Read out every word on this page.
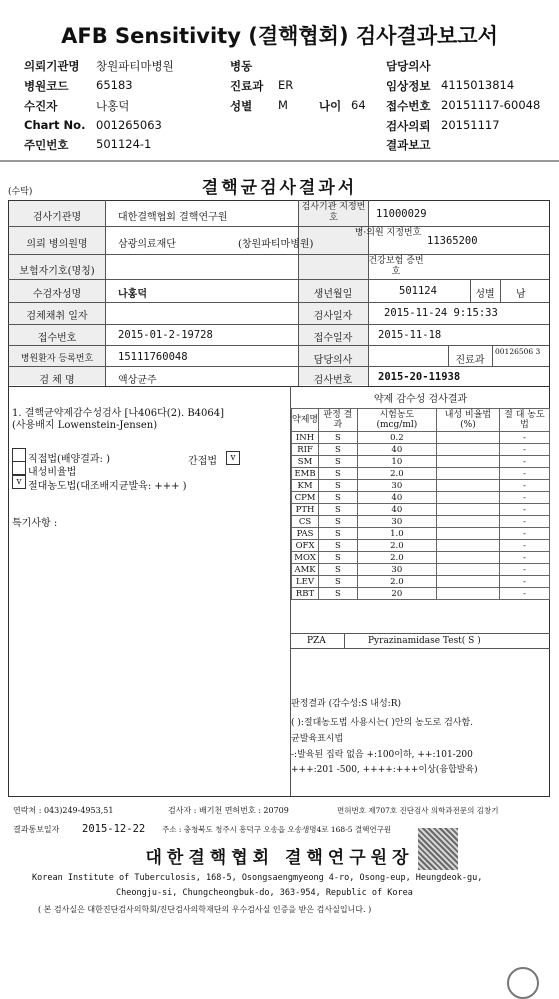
AFB Sensitivity (결핵협회) 검사결과보고서
의뢰기관명 창원파티마병원
병원코드 65183
수진자	나홍덕
Chart No. 001265063
주민번호 501124-1
병동
진료과 ER
성별 M	나이 64
담당의사
임상정보 4115013814
접수번호 20151117-60048
검사의뢰 20151117
결과보고
(수탁)	결핵균검사결과서
검사기관명	대한결핵협회 결핵연구원
검사기관 지정번호	11000029
의뢰 병의원명	삼광의료재단	(창원파티마병원)
병·의원 지정번호
11365200
보험자기호(명칭)
건강보험 증번호
수검자성명	나홍덕	생년월일	501124	성별	남
검체채취 일자	검사일자	2015-11-24 9:15:33
접수번호	2015-01-2-19728	접수일자	2015-11-18
병원환자 등록번호	15111760048	담당의사	진료과
00126506 3
검 체 명	액상균주	검사번호	2015-20-11938
1. 결핵균약제감수성검사 [나406다(2). B4064]
(사용배지 Lowenstein-Jensen)
직접법(배양결과: )	간접법	v
내성비율법
v 절대농도법(대조배지균발육: +++ )
특기사항 :
약제 감수성 검사결과
약제명	판정 결과	시험농도 (mcg/ml)	내성 비율법(%)	절 대 농도법
INH	S	0.2		-
RIF	S	40		-
SM	S	10		-
EMB	S	2.0		-
KM	S	30		-
CPM	S	40		-
PTH	S	40		-
CS	S	30		-
PAS	S	1.0		-
OFX	S	2.0		-
MOX	S	2.0		-
AMK	S	30		-
LEV	S	2.0		-
RBT	S	20		-
PZA	Pyrazinamidase Test( S )
판정결과 (감수성:S 내성:R)
( ):절대농도법 사용시는( )안의 농도로 검사함.
균발육표시법
-:발육된 집락 없음 +:100이하, ++:101-200
+++:201 -500, ++++:+++이상(융합발육)
연락처 : 043)249-4953,51	검사자 : 배기천 면허번호 : 20709	면허번호 제707호 진단검사 의학과전문의 김창기
결과통보일자 2015-12-22 주소 : 충청북도 청주시 흥덕구 오송읍 오송생명4로 168-5 결핵연구원
대한결핵협회 결핵연구원장
Korean Institute of Tuberculosis, 168-5, Osongsaengmyeong 4-ro, Osong-eup, Heungdeok-gu,
Cheongju-si, Chungcheongbuk-do, 363-954, Republic of Korea
( 본 검사실은 대한진단검사의학회/진단검사의학재단의 우수검사실 인증을 받은 검사실입니다. )
